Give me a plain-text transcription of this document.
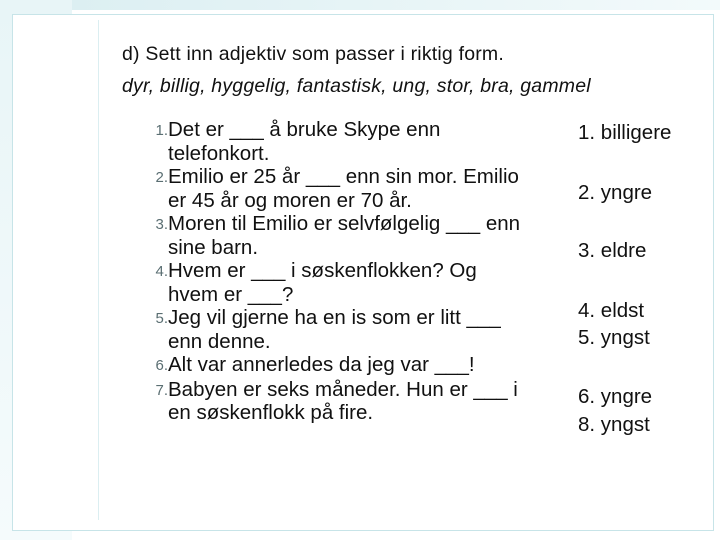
d) Sett inn adjektiv som passer i riktig form.
dyr, billig, hyggelig, fantastisk, ung, stor, bra, gammel
1. Det er ___ å bruke Skype enn telefonkort.
2. Emilio er 25 år ___ enn sin mor. Emilio er 45 år og moren er 70 år.
3. Moren til Emilio er selvfølgelig ___ enn sine barn.
4. Hvem er ___ i søskenflokken? Og hvem er ___?
5. Jeg vil gjerne ha en is som er litt ___ enn denne.
6. Alt var annerledes da jeg var ___!
7. Babyen er seks måneder. Hun er ___ i en søskenflokk på fire.
1. billigere
2. yngre
3. eldre
4. eldst
5. yngst
6. yngre
8. yngst
